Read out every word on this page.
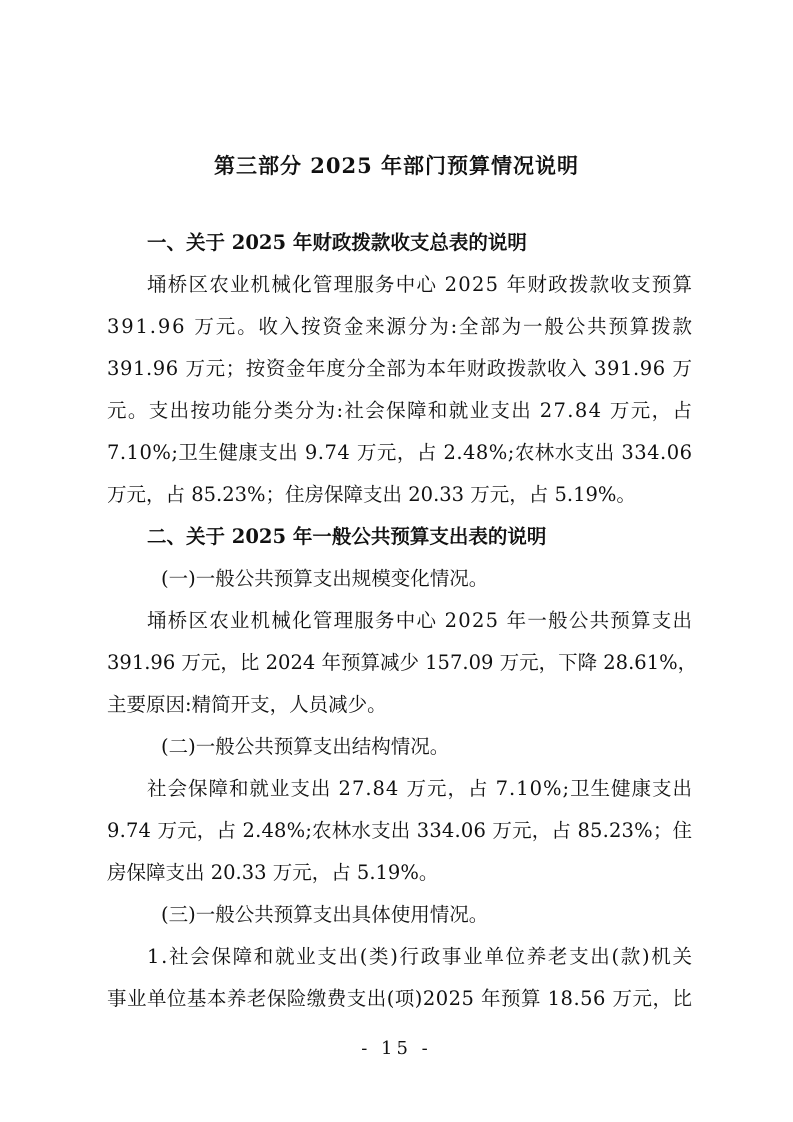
第三部分 2025 年部门预算情况说明
一、关于 2025 年财政拨款收支总表的说明
埇桥区农业机械化管理服务中心 2025 年财政拨款收支预算
391.96 万元。收入按资金来源分为:全部为一般公共预算拨款
391.96 万元；按资金年度分全部为本年财政拨款收入 391.96 万
元。支出按功能分类分为:社会保障和就业支出 27.84 万元，占
7.10%;卫生健康支出 9.74 万元，占 2.48%;农林水支出 334.06
万元，占 85.23%；住房保障支出 20.33 万元，占 5.19%。
二、关于 2025 年一般公共预算支出表的说明
(一)一般公共预算支出规模变化情况。
埇桥区农业机械化管理服务中心 2025 年一般公共预算支出
391.96 万元，比 2024 年预算减少 157.09 万元，下降 28.61%，
主要原因:精简开支，人员减少。
(二)一般公共预算支出结构情况。
社会保障和就业支出 27.84 万元，占 7.10%;卫生健康支出
9.74 万元，占 2.48%;农林水支出 334.06 万元，占 85.23%；住
房保障支出 20.33 万元，占 5.19%。
(三)一般公共预算支出具体使用情况。
1.社会保障和就业支出(类)行政事业单位养老支出(款)机关
事业单位基本养老保险缴费支出(项)2025 年预算 18.56 万元，比
- 15 -
